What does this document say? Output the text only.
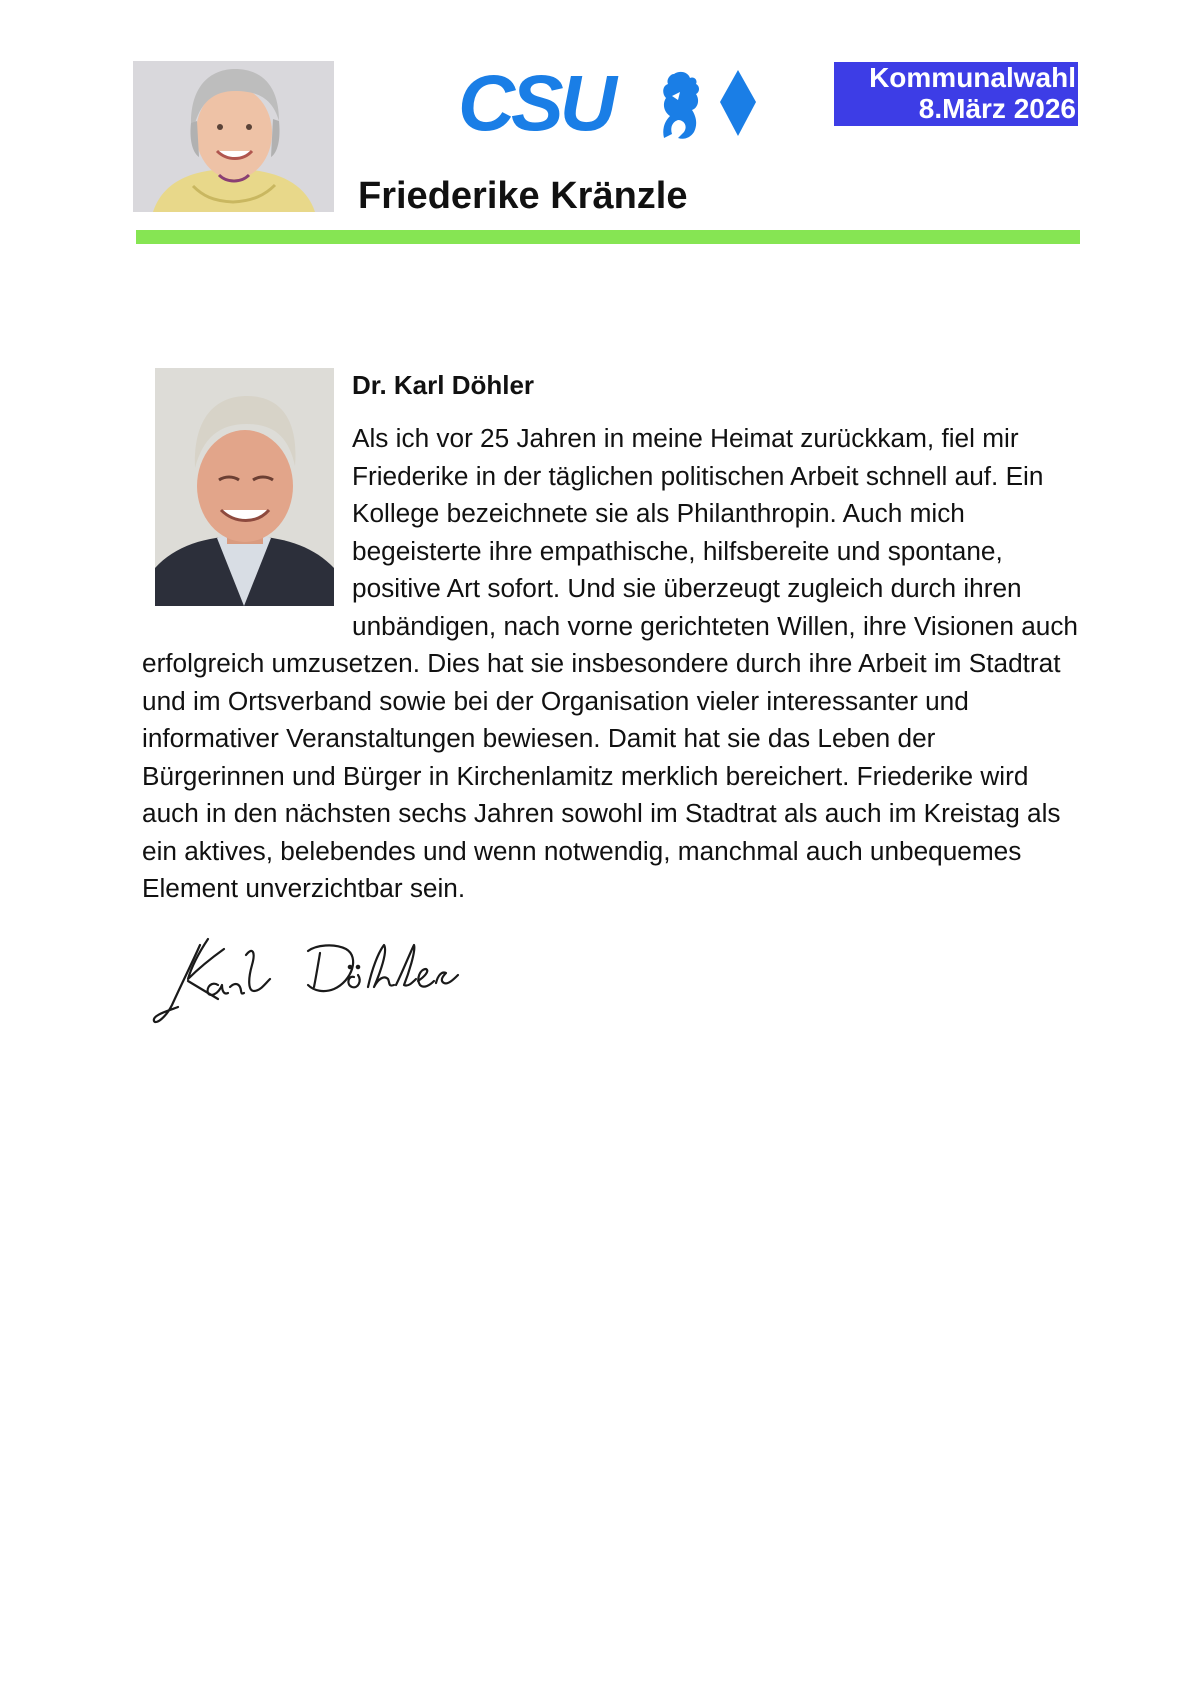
CSU	Kommunalwahl
8.März 2026
Friederike Kränzle
Dr. Karl Döhler
Als ich vor 25 Jahren in meine Heimat zurückkam, fiel mir Friederike in der täglichen politischen Arbeit schnell auf. Ein Kollege bezeichnete sie als Philanthropin. Auch mich begeisterte ihre empathische, hilfsbereite und spontane, positive Art sofort. Und sie überzeugt zugleich durch ihren unbändigen, nach vorne gerichteten Willen, ihre Visionen auch erfolgreich umzusetzen. Dies hat sie insbesondere durch ihre Arbeit im Stadtrat und im Ortsverband sowie bei der Organisation vieler interessanter und informativer Veranstaltungen bewiesen. Damit hat sie das Leben der Bürgerinnen und Bürger in Kirchenlamitz merklich bereichert. Friederike wird auch in den nächsten sechs Jahren sowohl im Stadtrat als auch im Kreistag als ein aktives, belebendes und wenn notwendig, manchmal auch unbequemes Element unverzichtbar sein.
